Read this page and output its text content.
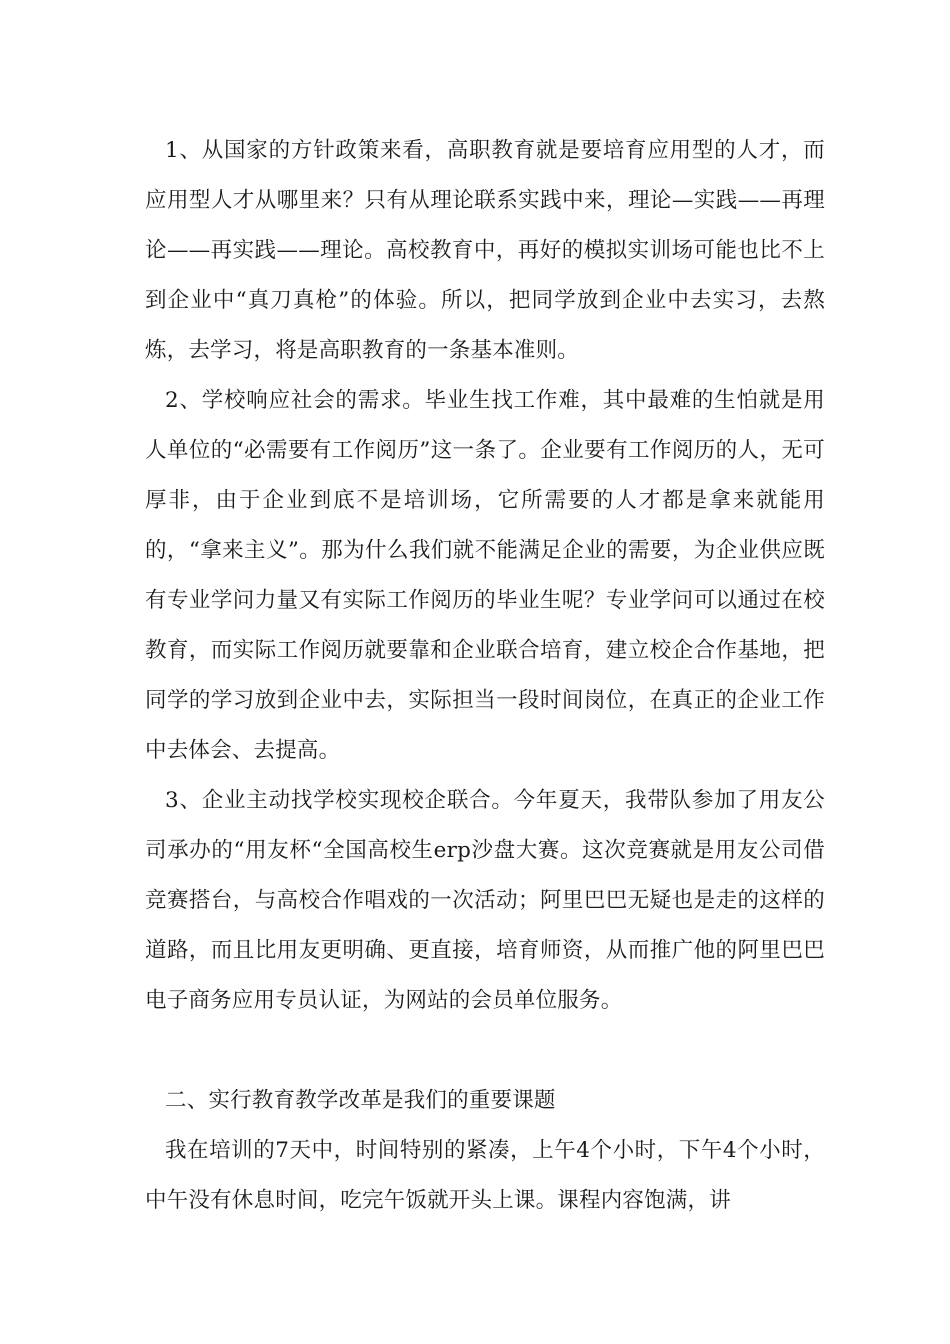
1、从国家的方针政策来看，高职教育就是要培育应用型的人才，而应用型人才从哪里来？只有从理论联系实践中来，理论—实践——再理论——再实践——理论。高校教育中，再好的模拟实训场可能也比不上到企业中“真刀真枪”的体验。所以，把同学放到企业中去实习，去熬炼，去学习，将是高职教育的一条基本准则。

2、学校响应社会的需求。毕业生找工作难，其中最难的生怕就是用人单位的“必需要有工作阅历”这一条了。企业要有工作阅历的人，无可厚非，由于企业到底不是培训场，它所需要的人才都是拿来就能用的，“拿来主义”。那为什么我们就不能满足企业的需要，为企业供应既有专业学问力量又有实际工作阅历的毕业生呢？专业学问可以通过在校教育，而实际工作阅历就要靠和企业联合培育，建立校企合作基地，把同学的学习放到企业中去，实际担当一段时间岗位，在真正的企业工作中去体会、去提高。

3、企业主动找学校实现校企联合。今年夏天，我带队参加了用友公司承办的“用友杯“全国高校生erp沙盘大赛。这次竞赛就是用友公司借竞赛搭台，与高校合作唱戏的一次活动；阿里巴巴无疑也是走的这样的道路，而且比用友更明确、更直接，培育师资，从而推广他的阿里巴巴电子商务应用专员认证，为网站的会员单位服务。

二、实行教育教学改革是我们的重要课题

我在培训的7天中，时间特别的紧凑，上午4个小时，下午4个小时，中午没有休息时间，吃完午饭就开头上课。课程内容饱满，讲
